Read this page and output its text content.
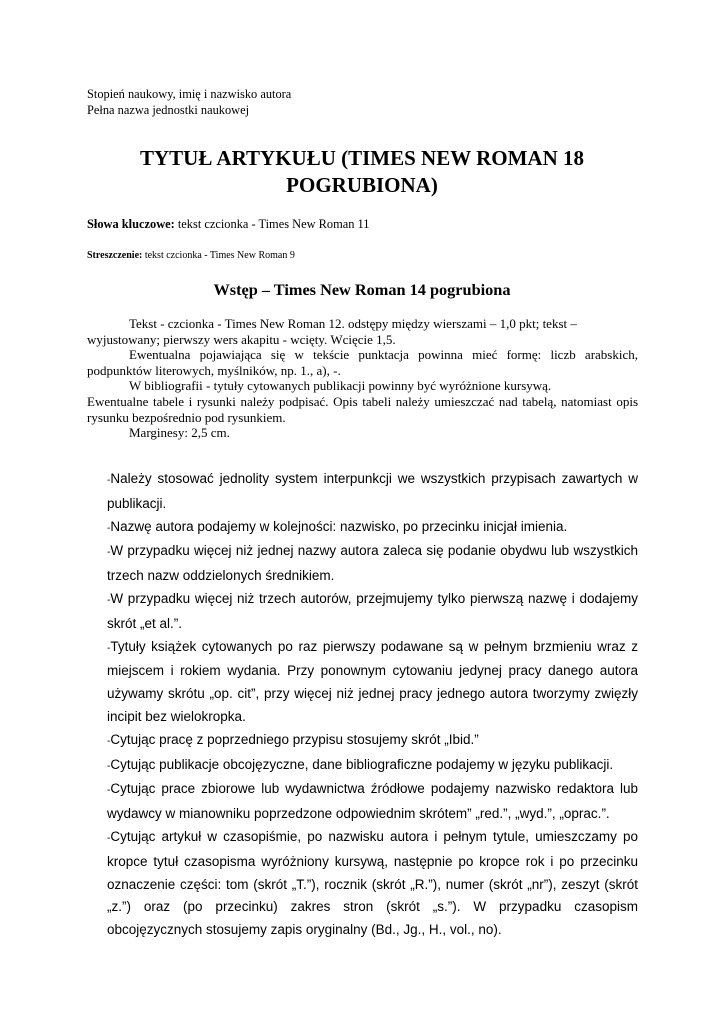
Stopień naukowy, imię i nazwisko autora
Pełna nazwa jednostki naukowej
TYTUŁ ARTYKUŁU (TIMES NEW ROMAN 18
POGRUBIONA)
Słowa kluczowe: tekst czcionka - Times New Roman 11
Streszczenie: tekst czcionka - Times New Roman 9
Wstęp – Times New Roman 14 pogrubiona

Tekst - czcionka - Times New Roman 12. odstępy między wierszami – 1,0 pkt; tekst – wyjustowany; pierwszy wers akapitu - wcięty. Wcięcie 1,5.

Ewentualna pojawiająca się w tekście punktacja powinna mieć formę: liczb arabskich, podpunktów literowych, myślników, np. 1., a), -.

W bibliografii - tytuły cytowanych publikacji powinny być wyróżnione kursywą.

Ewentualne tabele i rysunki należy podpisać. Opis tabeli należy umieszczać nad tabelą, natomiast opis rysunku bezpośrednio pod rysunkiem.

Marginesy: 2,5 cm.

-Należy stosować jednolity system interpunkcji we wszystkich przypisach zawartych w publikacji.

-Nazwę autora podajemy w kolejności: nazwisko, po przecinku inicjał imienia.

-W przypadku więcej niż jednej nazwy autora zaleca się podanie obydwu lub wszystkich trzech nazw oddzielonych średnikiem.

-W przypadku więcej niż trzech autorów, przejmujemy tylko pierwszą nazwę i dodajemy skrót „et al.”.

-Tytuły książek cytowanych po raz pierwszy podawane są w pełnym brzmieniu wraz z miejscem i rokiem wydania. Przy ponownym cytowaniu jedynej pracy danego autora używamy skrótu „op. cit”, przy więcej niż jednej pracy jednego autora tworzymy zwięzły incipit bez wielokropka.

-Cytując pracę z poprzedniego przypisu stosujemy skrót „Ibid.”

-Cytując publikacje obcojęzyczne, dane bibliograficzne podajemy w języku publikacji.

-Cytując prace zbiorowe lub wydawnictwa źródłowe podajemy nazwisko redaktora lub wydawcy w mianowniku poprzedzone odpowiednim skrótem” „red.”, „wyd.”, „oprac.”.

-Cytując artykuł w czasopiśmie, po nazwisku autora i pełnym tytule, umieszczamy po kropce tytuł czasopisma wyróżniony kursywą, następnie po kropce rok i po przecinku oznaczenie części: tom (skrót „T.”), rocznik (skrót „R.”), numer (skrót „nr”), zeszyt (skrót „z.”) oraz (po przecinku) zakres stron (skrót „s.”). W przypadku czasopism obcojęzycznych stosujemy zapis oryginalny (Bd., Jg., H., vol., no).
